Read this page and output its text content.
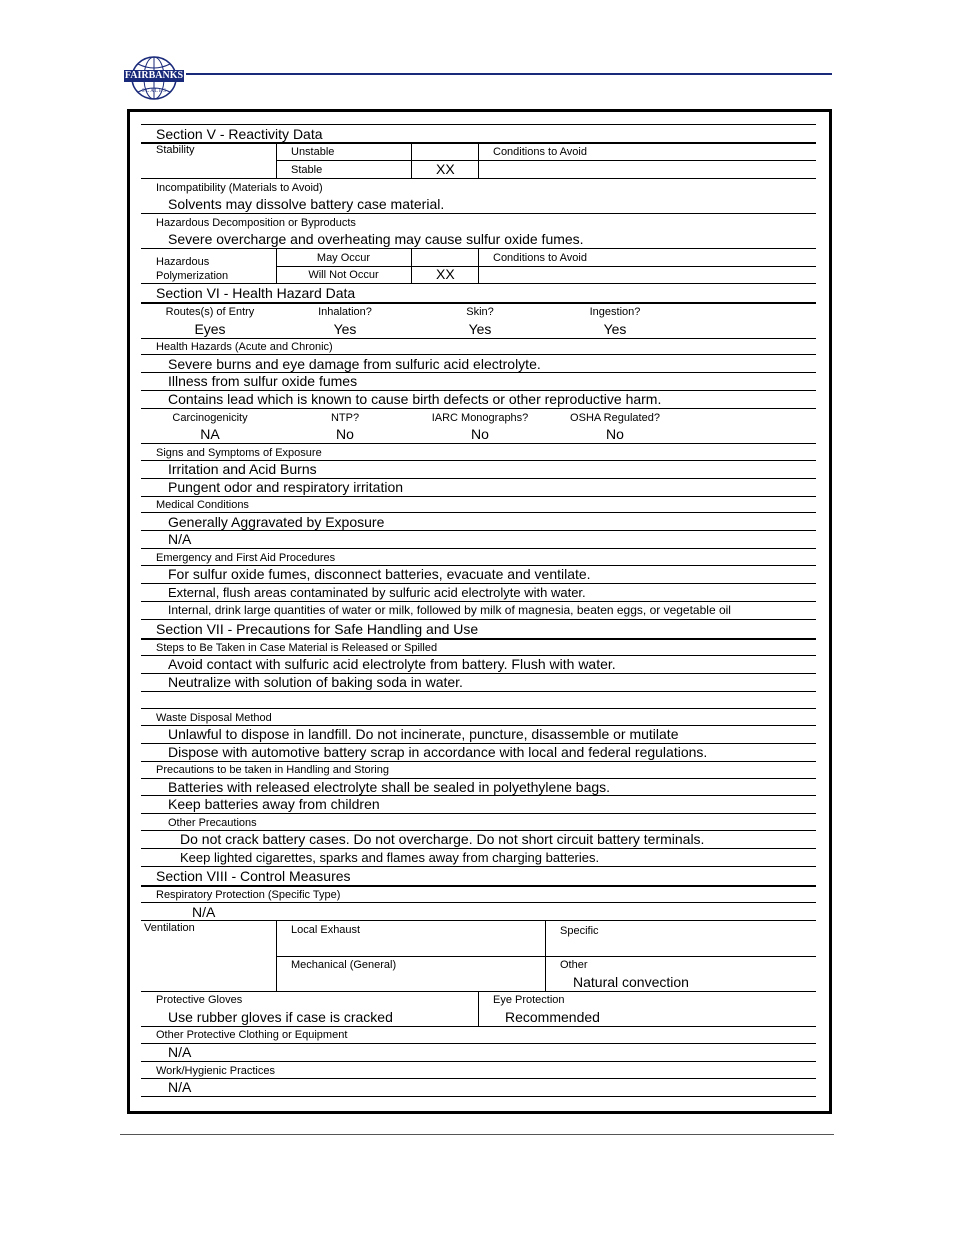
FAIRBANKS
S C A L E S
Section V - Reactivity Data
Stability	Unstable	Conditions to Avoid
Stable	XX
Incompatibility (Materials to Avoid)
Solvents may dissolve battery case material.
Hazardous Decomposition or Byproducts
Severe overcharge and overheating may cause sulfur oxide fumes.
Hazardous
Polymerization
May Occur	Conditions to Avoid
Will Not Occur	XX
Section VI - Health Hazard Data
Routes(s) of Entry	Inhalation?	Skin?	Ingestion?
Eyes	Yes	Yes	Yes
Health Hazards (Acute and Chronic)
Severe burns and eye damage from sulfuric acid electrolyte.
Illness from sulfur oxide fumes
Contains lead which is known to cause birth defects or other reproductive harm.
Carcinogenicity	NTP?	IARC Monographs?	OSHA Regulated?
NA	No	No	No
Signs and Symptoms of Exposure
Irritation and Acid Burns
Pungent odor and respiratory irritation
Medical Conditions
Generally Aggravated by Exposure
N/A
Emergency and First Aid Procedures
For sulfur oxide fumes, disconnect batteries, evacuate and ventilate.
External, flush areas contaminated by sulfuric acid electrolyte with water.
Internal, drink large quantities of water or milk, followed by milk of magnesia, beaten eggs, or vegetable oil
Section VII - Precautions for Safe Handling and Use
Steps to Be Taken in Case Material is Released or Spilled
Avoid contact with sulfuric acid electrolyte from battery. Flush with water.
Neutralize with solution of baking soda in water.
Waste Disposal Method
Unlawful to dispose in landfill. Do not incinerate, puncture, disassemble or mutilate
Dispose with automotive battery scrap in accordance with local and federal regulations.
Precautions to be taken in Handling and Storing
Batteries with released electrolyte shall be sealed in polyethylene bags.
Keep batteries away from children
Other Precautions
Do not crack battery cases. Do not overcharge. Do not short circuit battery terminals.
Keep lighted cigarettes, sparks and flames away from charging batteries.
Section VIII - Control Measures
Respiratory Protection (Specific Type)
N/A
Ventilation	Local Exhaust	Specific
Mechanical (General)	Other
Natural convection
Protective Gloves	Eye Protection
Use rubber gloves if case is cracked	Recommended
Other Protective Clothing or Equipment
N/A
Work/Hygienic Practices
N/A
